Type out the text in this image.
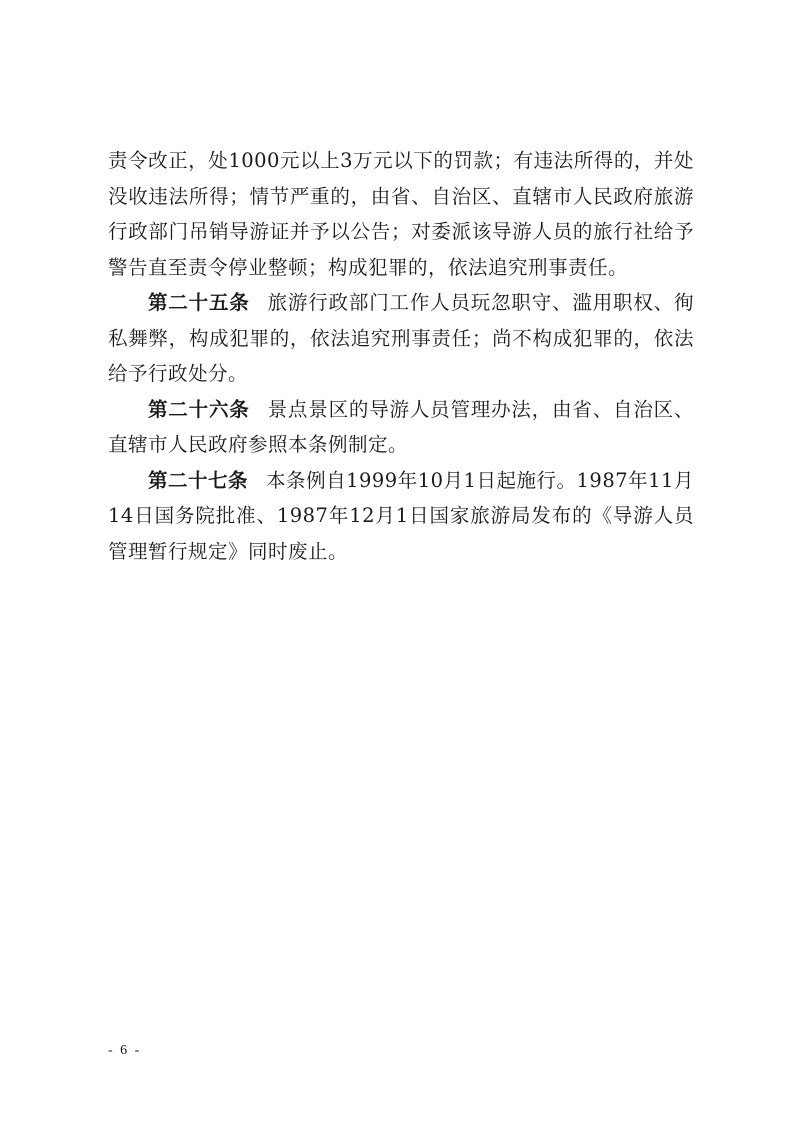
责令改正，处1000元以上3万元以下的罚款；有违法所得的，并处没收违法所得；情节严重的，由省、自治区、直辖市人民政府旅游行政部门吊销导游证并予以公告；对委派该导游人员的旅行社给予警告直至责令停业整顿；构成犯罪的，依法追究刑事责任。

第二十五条 旅游行政部门工作人员玩忽职守、滥用职权、徇私舞弊，构成犯罪的，依法追究刑事责任；尚不构成犯罪的，依法给予行政处分。

第二十六条 景点景区的导游人员管理办法，由省、自治区、直辖市人民政府参照本条例制定。

第二十七条 本条例自1999年10月1日起施行。1987年11月14日国务院批准、1987年12月1日国家旅游局发布的《导游人员管理暂行规定》同时废止。

- 6 -
